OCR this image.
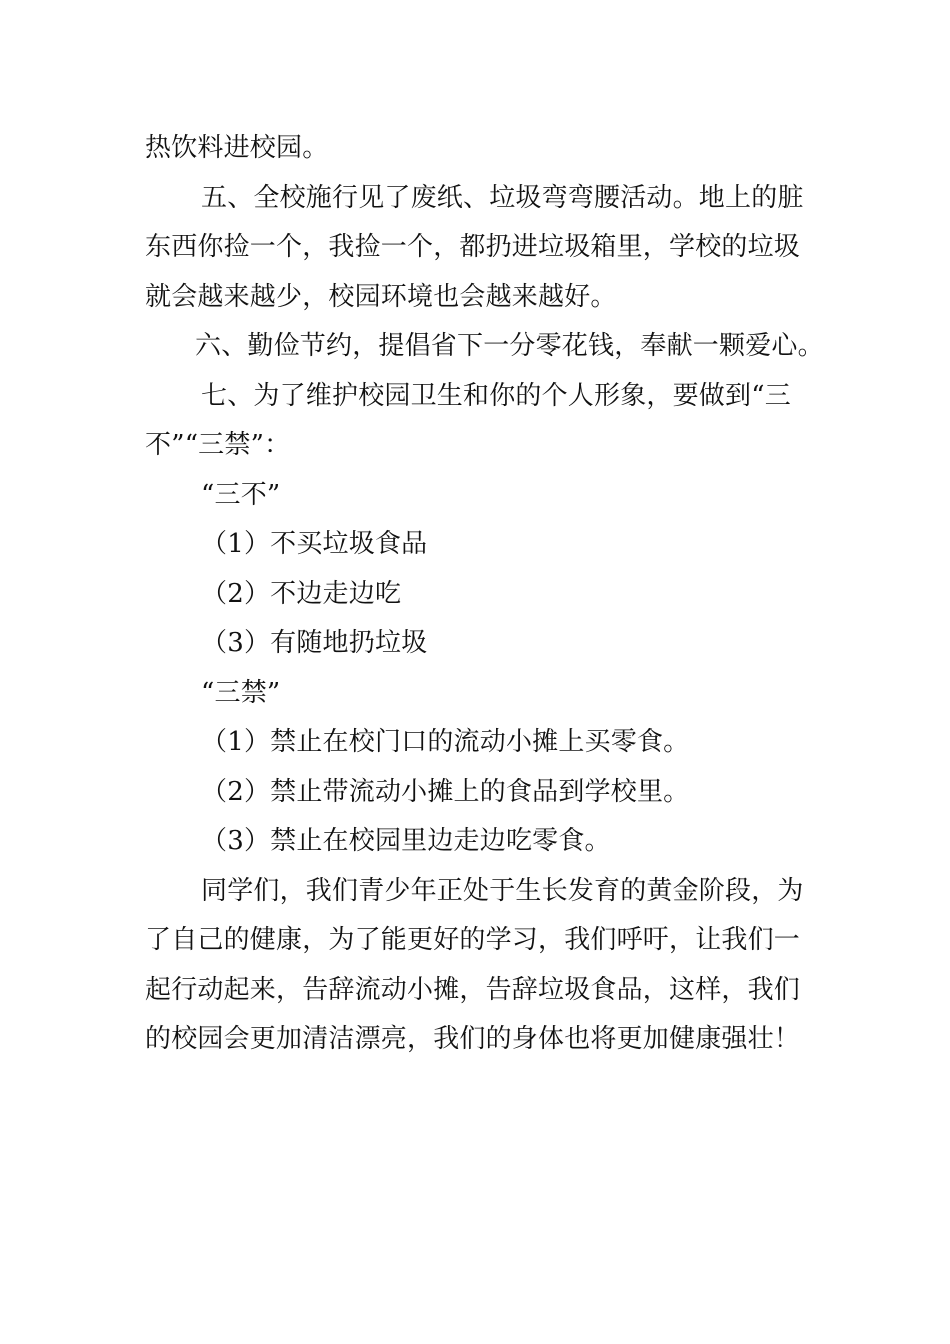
热饮料进校园。
五、全校施行见了废纸、垃圾弯弯腰活动。地上的脏
东西你捡一个，我捡一个，都扔进垃圾箱里，学校的垃圾
就会越来越少，校园环境也会越来越好。
六、勤俭节约，提倡省下一分零花钱，奉献一颗爱心。
七、为了维护校园卫生和你的个人形象，要做到“三
不”“三禁”：
“三不”
（1）不买垃圾食品
（2）不边走边吃
（3）有随地扔垃圾
“三禁”
（1）禁止在校门口的流动小摊上买零食。
（2）禁止带流动小摊上的食品到学校里。
（3）禁止在校园里边走边吃零食。
同学们，我们青少年正处于生长发育的黄金阶段，为
了自己的健康，为了能更好的学习，我们呼吁，让我们一
起行动起来，告辞流动小摊，告辞垃圾食品，这样，我们
的校园会更加清洁漂亮，我们的身体也将更加健康强壮！
